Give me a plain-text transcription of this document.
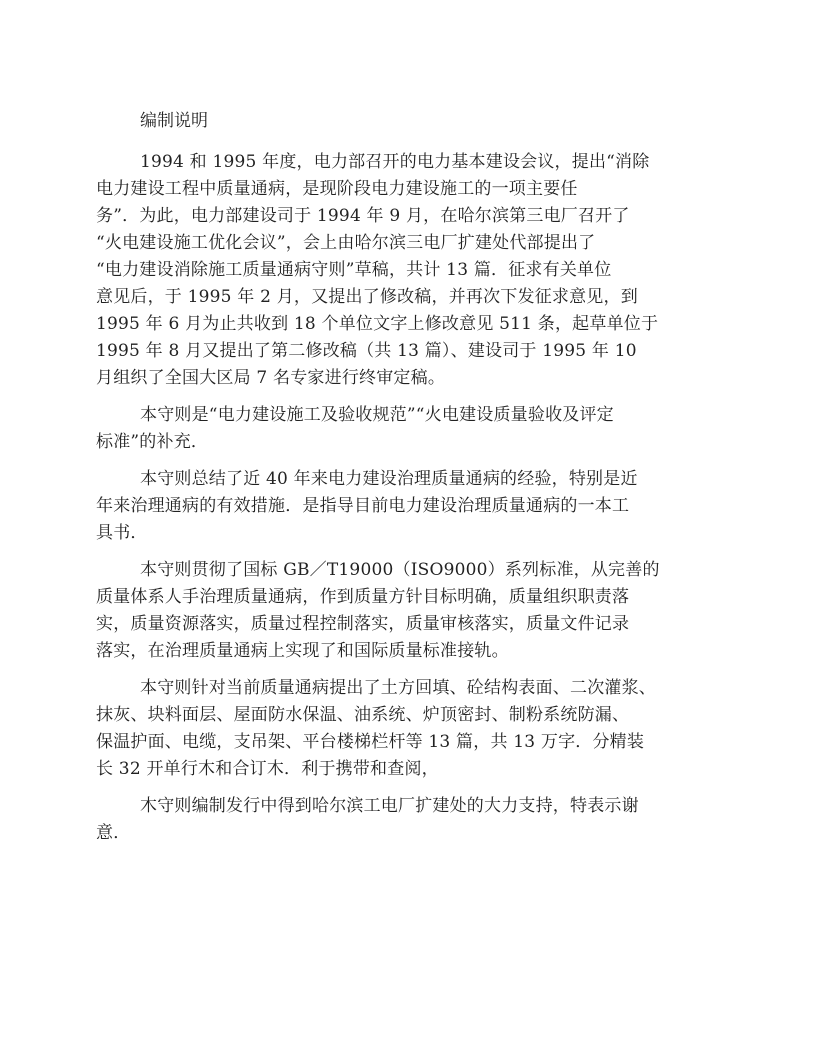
编制说明
1994 和 1995 年度，电力部召开的电力基本建设会议，提出“消除
电力建设工程中质量通病，是现阶段电力建设施工的一项主要任
务”．为此，电力部建设司于 1994 年 9 月，在哈尔滨第三电厂召开了
“火电建设施工优化会议”，会上由哈尔滨三电厂扩建处代部提出了
“电力建设消除施工质量通病守则”草稿，共计 13 篇．征求有关单位
意见后，于 1995 年 2 月，又提出了修改稿，并再次下发征求意见，到
1995 年 6 月为止共收到 18 个单位文字上修改意见 511 条，起草单位于
1995 年 8 月又提出了第二修改稿（共 13 篇）、建设司于 1995 年 10
月组织了全国大区局 7 名专家进行终审定稿。
本守则是“电力建设施工及验收规范”“火电建设质量验收及评定
标准”的补充．
本守则总结了近 40 年来电力建设治理质量通病的经验，特别是近
年来治理通病的有效措施．是指导目前电力建设治理质量通病的一本工
具书．
本守则贯彻了国标 GB／T19000（ISO9000）系列标准，从完善的
质量体系人手治理质量通病，作到质量方针目标明确，质量组织职责落
实，质量资源落实，质量过程控制落实，质量审核落实，质量文件记录
落实，在治理质量通病上实现了和国际质量标准接轨。
本守则针对当前质量通病提出了土方回填、砼结构表面、二次灌浆、
抹灰、块料面层、屋面防水保温、油系统、炉顶密封、制粉系统防漏、
保温护面、电缆，支吊架、平台楼梯栏杆等 13 篇，共 13 万字．分精装
长 32 开单行木和合订木．利于携带和查阅，
木守则编制发行中得到哈尔滨工电厂扩建处的大力支持，特表示谢
意．
